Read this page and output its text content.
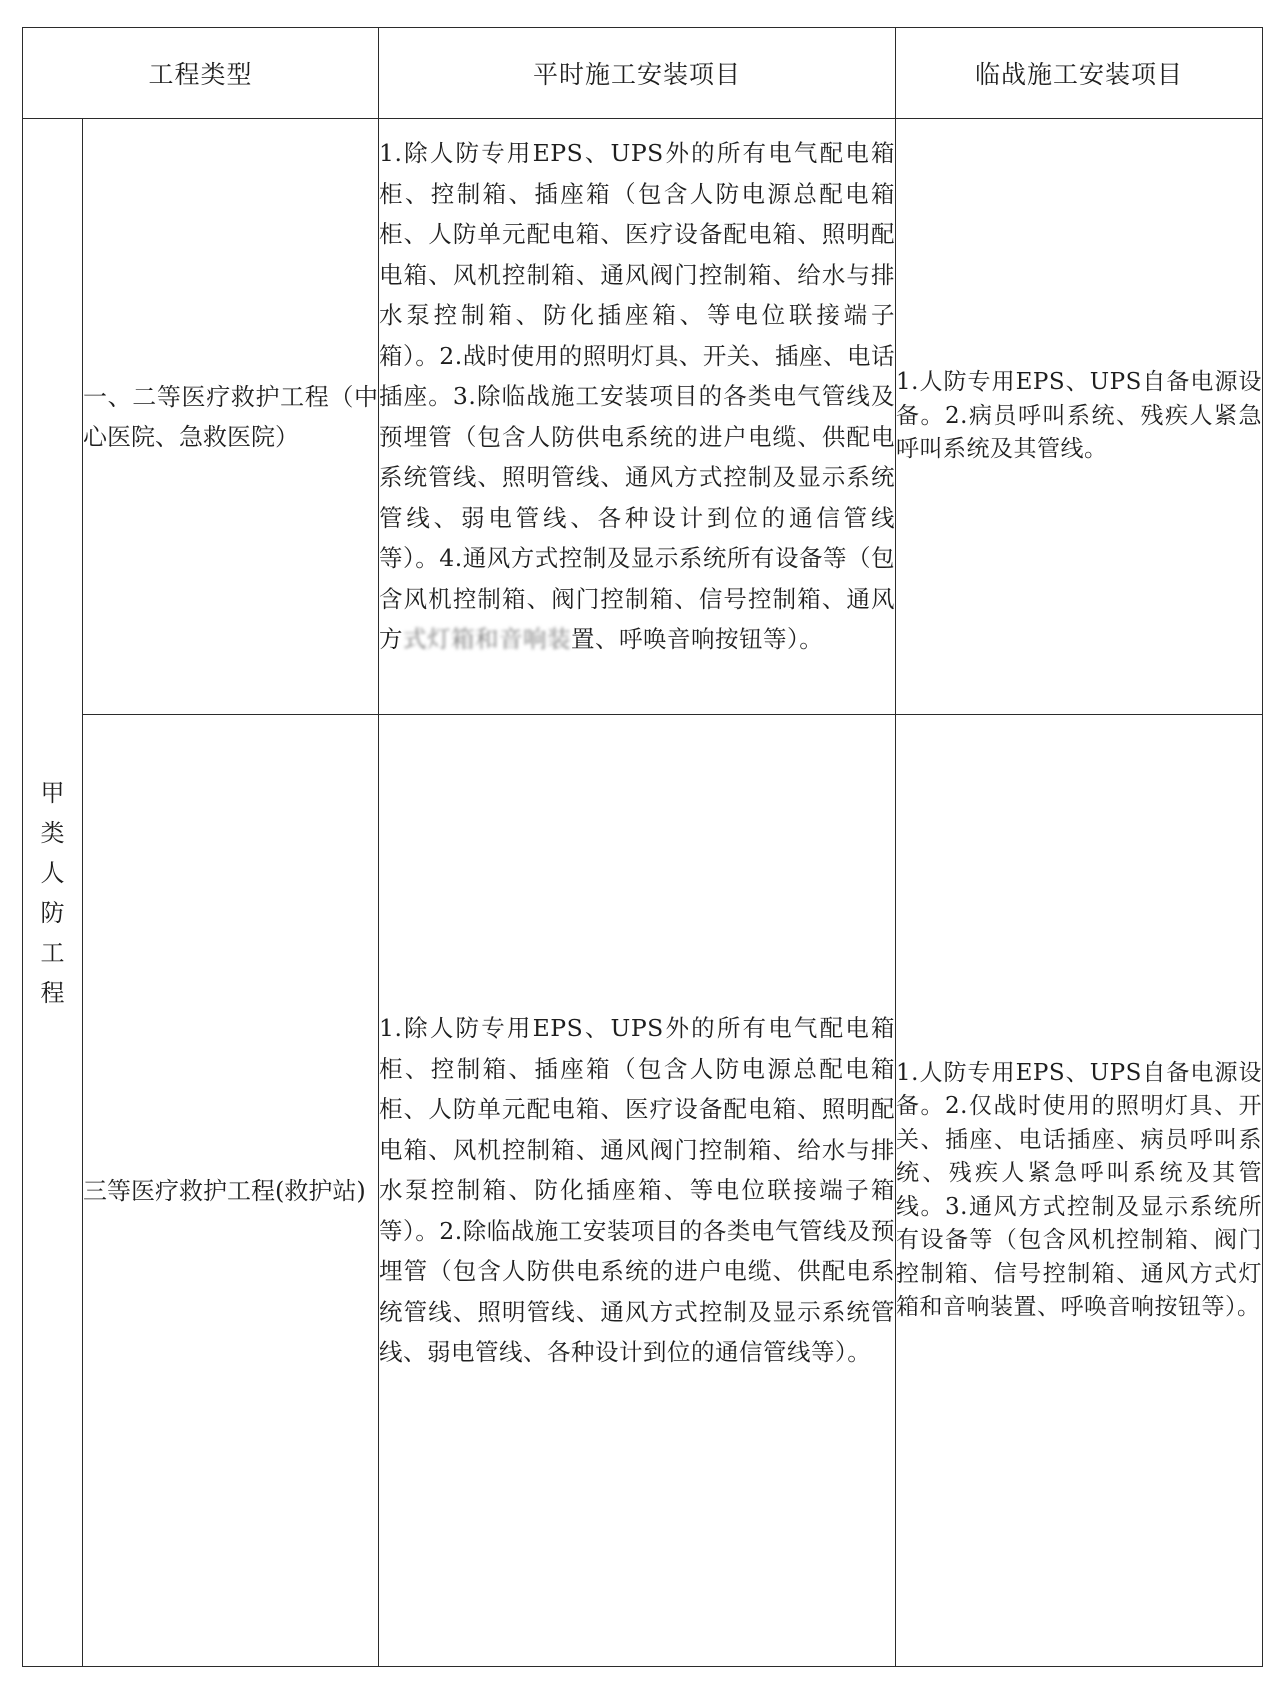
工程类型		平时施工安装项目	临战施工安装项目
甲类人防工程	一、二等医疗救护工程（中心医院、急救医院）	1.除人防专用EPS、UPS外的所有电气配电箱柜、控制箱、插座箱（包含人防电源总配电箱柜、人防单元配电箱、医疗设备配电箱、照明配电箱、风机控制箱、通风阀门控制箱、给水与排水泵控制箱、防化插座箱、等电位联接端子箱）。2.战时使用的照明灯具、开关、插座、电话插座。3.除临战施工安装项目的各类电气管线及预埋管（包含人防供电系统的进户电缆、供配电系统管线、照明管线、通风方式控制及显示系统管线、弱电管线、各种设计到位的通信管线等）。4.通风方式控制及显示系统所有设备等（包含风机控制箱、阀门控制箱、信号控制箱、通风方式灯箱和音响装置、呼唤音响按钮等）。	1.人防专用EPS、UPS自备电源设备。2.病员呼叫系统、残疾人紧急呼叫系统及其管线。
	三等医疗救护工程(救护站)	1.除人防专用EPS、UPS外的所有电气配电箱柜、控制箱、插座箱（包含人防电源总配电箱柜、人防单元配电箱、医疗设备配电箱、照明配电箱、风机控制箱、通风阀门控制箱、给水与排水泵控制箱、防化插座箱、等电位联接端子箱等）。2.除临战施工安装项目的各类电气管线及预埋管（包含人防供电系统的进户电缆、供配电系统管线、照明管线、通风方式控制及显示系统管线、弱电管线、各种设计到位的通信管线等）。	1.人防专用EPS、UPS自备电源设备。2.仅战时使用的照明灯具、开关、插座、电话插座、病员呼叫系统、残疾人紧急呼叫系统及其管线。3.通风方式控制及显示系统所有设备等（包含风机控制箱、阀门控制箱、信号控制箱、通风方式灯箱和音响装置、呼唤音响按钮等）。
